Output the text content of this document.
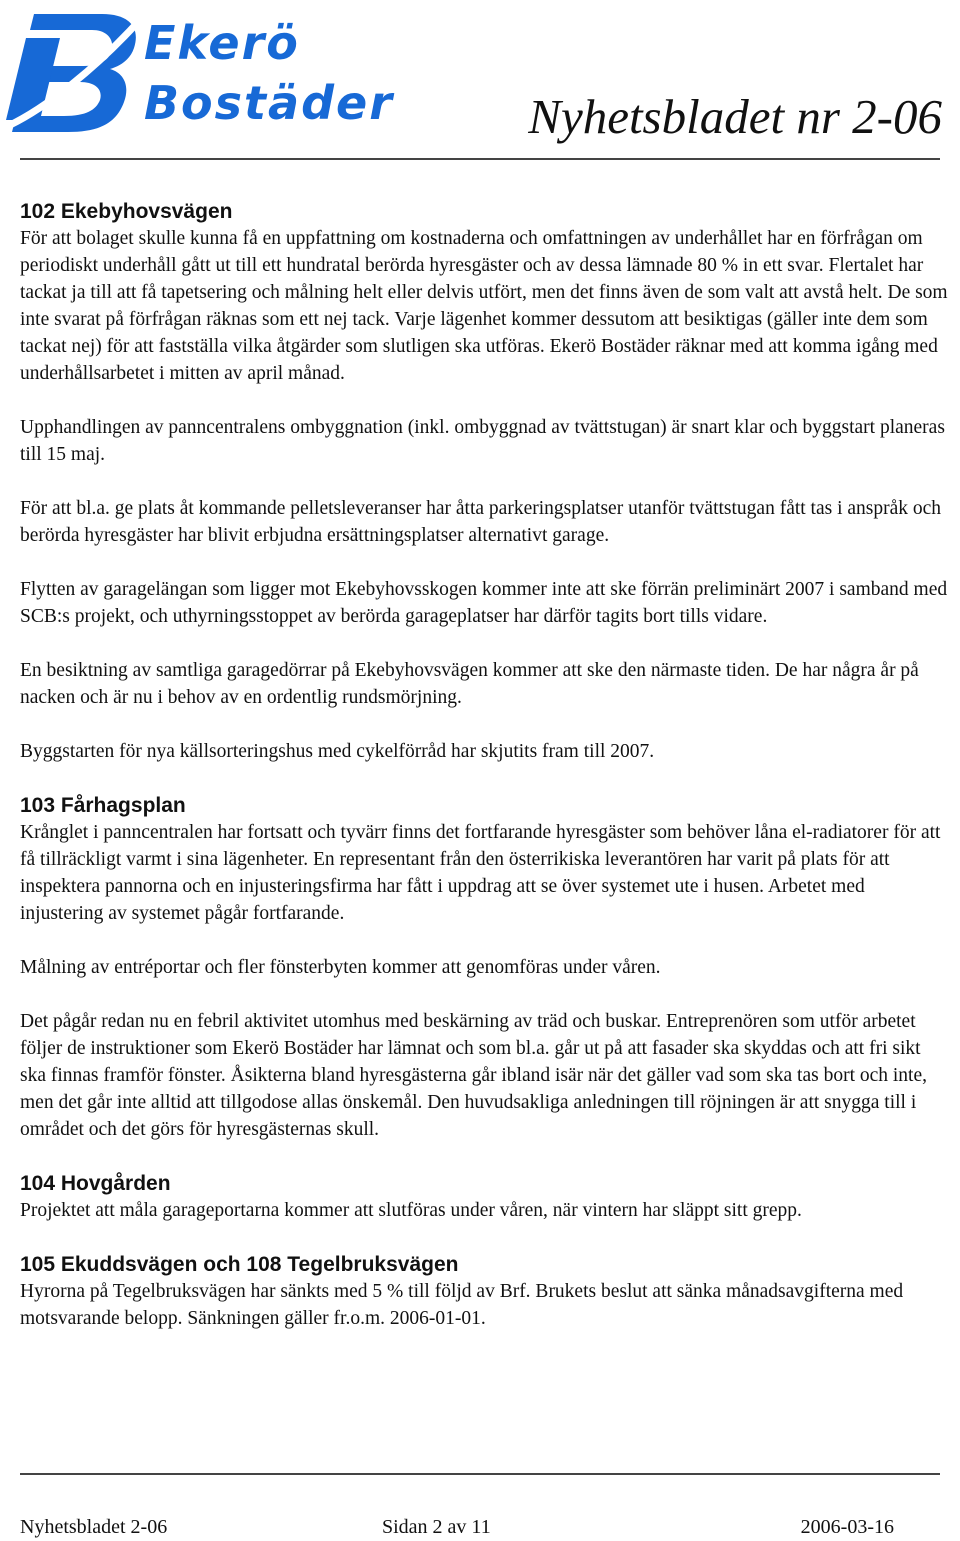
Ekerö
Bostäder	Nyhetsbladet nr 2-06
102 Ekebyhovsvägen

För att bolaget skulle kunna få en uppfattning om kostnaderna och omfattningen av underhållet har en förfrågan om periodiskt underhåll gått ut till ett hundratal berörda hyresgäster och av dessa lämnade 80 % in ett svar. Flertalet har tackat ja till att få tapetsering och målning helt eller delvis utfört, men det finns även de som valt att avstå helt. De som inte svarat på förfrågan räknas som ett nej tack. Varje lägenhet kommer dessutom att besiktigas (gäller inte dem som tackat nej) för att fastställa vilka åtgärder som slutligen ska utföras. Ekerö Bostäder räknar med att komma igång med underhållsarbetet i mitten av april månad.

Upphandlingen av panncentralens ombyggnation (inkl. ombyggnad av tvättstugan) är snart klar och byggstart planeras till 15 maj.

För att bl.a. ge plats åt kommande pelletsleveranser har åtta parkeringsplatser utanför tvättstugan fått tas i anspråk och berörda hyresgäster har blivit erbjudna ersättningsplatser alternativt garage.

Flytten av garagelängan som ligger mot Ekebyhovsskogen kommer inte att ske förrän preliminärt 2007 i samband med SCB:s projekt, och uthyrningsstoppet av berörda garageplatser har därför tagits bort tills vidare.

En besiktning av samtliga garagedörrar på Ekebyhovsvägen kommer att ske den närmaste tiden. De har några år på nacken och är nu i behov av en ordentlig rundsmörjning.

Byggstarten för nya källsorteringshus med cykelförråd har skjutits fram till 2007.

103 Fårhagsplan

Krånglet i panncentralen har fortsatt och tyvärr finns det fortfarande hyresgäster som behöver låna el-radiatorer för att få tillräckligt varmt i sina lägenheter. En representant från den österrikiska leverantören har varit på plats för att inspektera pannorna och en injusteringsfirma har fått i uppdrag att se över systemet ute i husen. Arbetet med injustering av systemet pågår fortfarande.

Målning av entréportar och fler fönsterbyten kommer att genomföras under våren.

Det pågår redan nu en febril aktivitet utomhus med beskärning av träd och buskar. Entreprenören som utför arbetet följer de instruktioner som Ekerö Bostäder har lämnat och som bl.a. går ut på att fasader ska skyddas och att fri sikt ska finnas framför fönster. Åsikterna bland hyresgästerna går ibland isär när det gäller vad som ska tas bort och inte, men det går inte alltid att tillgodose allas önskemål. Den huvudsakliga anledningen till röjningen är att snygga till i området och det görs för hyresgästernas skull.

104 Hovgården

Projektet att måla garageportarna kommer att slutföras under våren, när vintern har släppt sitt grepp.

105 Ekuddsvägen och 108 Tegelbruksvägen

Hyrorna på Tegelbruksvägen har sänkts med 5 % till följd av Brf. Brukets beslut att sänka månadsavgifterna med motsvarande belopp. Sänkningen gäller fr.o.m. 2006-01-01.

Nyhetsbladet 2-06	Sidan 2 av 11	2006-03-16
